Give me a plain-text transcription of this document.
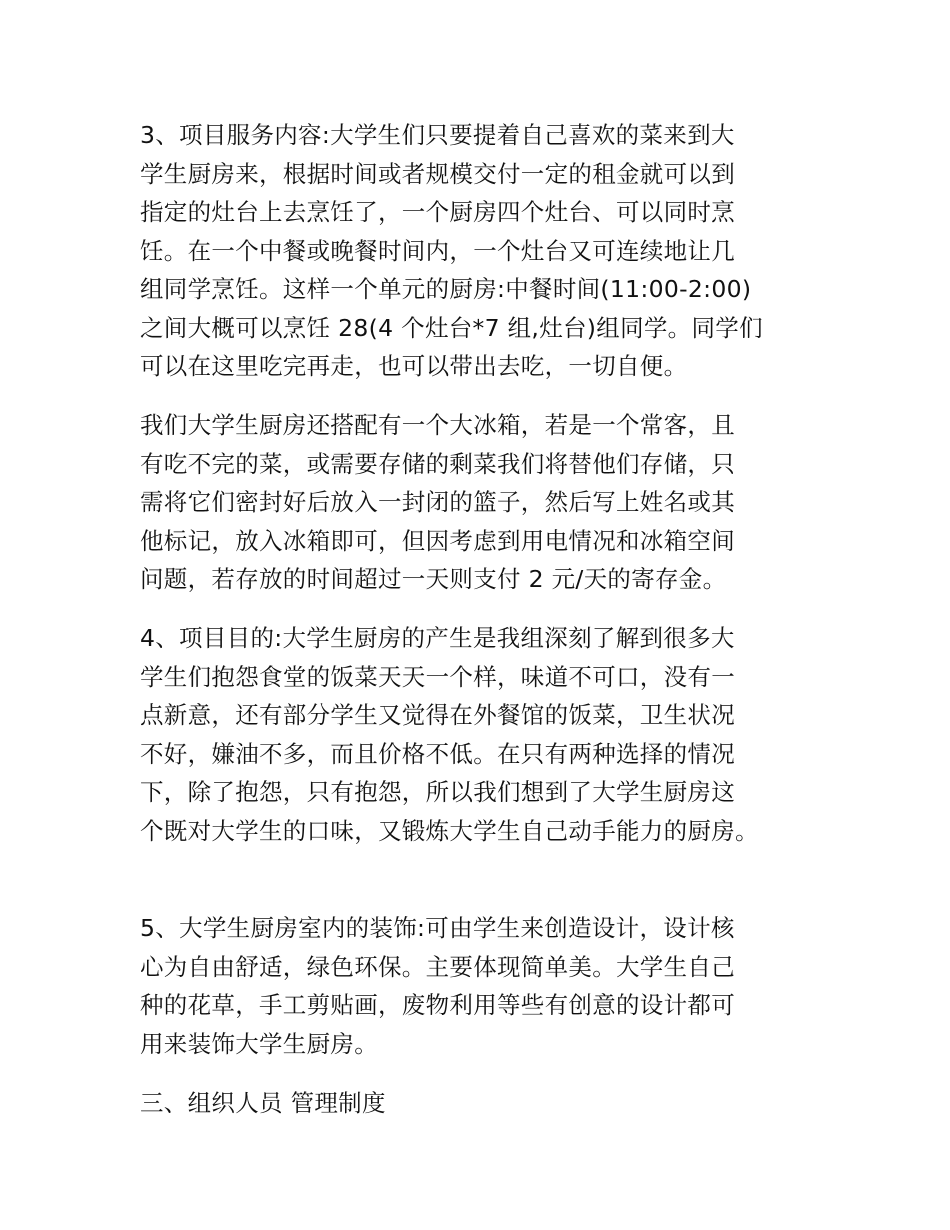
3、项目服务内容:大学生们只要提着自己喜欢的菜来到大
学生厨房来，根据时间或者规模交付一定的租金就可以到
指定的灶台上去烹饪了，一个厨房四个灶台、可以同时烹
饪。在一个中餐或晚餐时间内，一个灶台又可连续地让几
组同学烹饪。这样一个单元的厨房:中餐时间(11:00-2:00)
之间大概可以烹饪 28(4 个灶台*7 组,灶台)组同学。同学们
可以在这里吃完再走，也可以带出去吃，一切自便。
我们大学生厨房还搭配有一个大冰箱，若是一个常客，且
有吃不完的菜，或需要存储的剩菜我们将替他们存储，只
需将它们密封好后放入一封闭的篮子，然后写上姓名或其
他标记，放入冰箱即可，但因考虑到用电情况和冰箱空间
问题，若存放的时间超过一天则支付 2 元/天的寄存金。
4、项目目的:大学生厨房的产生是我组深刻了解到很多大
学生们抱怨食堂的饭菜天天一个样，味道不可口，没有一
点新意，还有部分学生又觉得在外餐馆的饭菜，卫生状况
不好，嫌油不多，而且价格不低。在只有两种选择的情况
下，除了抱怨，只有抱怨，所以我们想到了大学生厨房这
个既对大学生的口味，又锻炼大学生自己动手能力的厨房。
5、大学生厨房室内的装饰:可由学生来创造设计，设计核
心为自由舒适，绿色环保。主要体现简单美。大学生自己
种的花草，手工剪贴画，废物利用等些有创意的设计都可
用来装饰大学生厨房。
三、组织人员 管理制度
